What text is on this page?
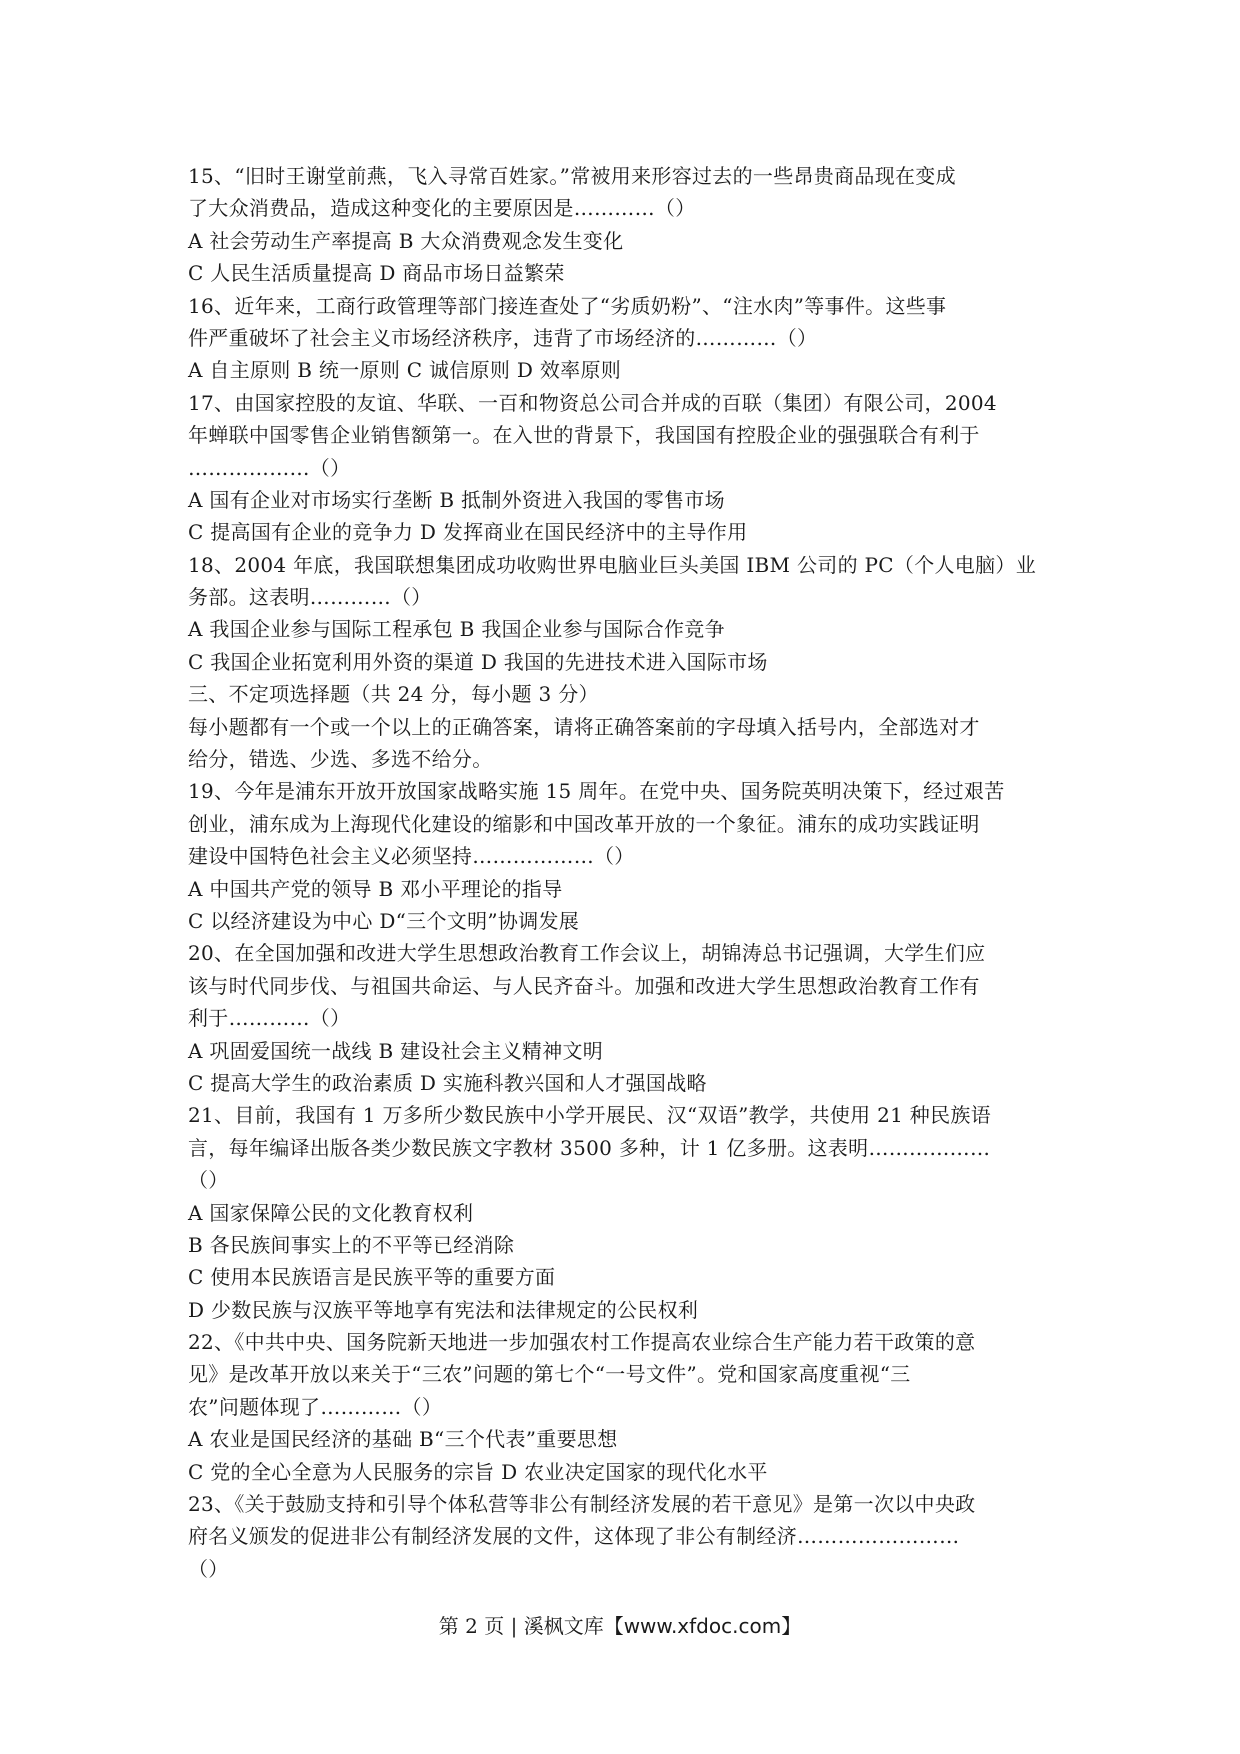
15、“旧时王谢堂前燕，飞入寻常百姓家。”常被用来形容过去的一些昂贵商品现在变成
了大众消费品，造成这种变化的主要原因是…………（）
A 社会劳动生产率提高 B 大众消费观念发生变化
C 人民生活质量提高 D 商品市场日益繁荣
16、近年来，工商行政管理等部门接连查处了“劣质奶粉”、“注水肉”等事件。这些事
件严重破坏了社会主义市场经济秩序，违背了市场经济的…………（）
A 自主原则 B 统一原则 C 诚信原则 D 效率原则
17、由国家控股的友谊、华联、一百和物资总公司合并成的百联（集团）有限公司，2004
年蝉联中国零售企业销售额第一。在入世的背景下，我国国有控股企业的强强联合有利于
………………（）
A 国有企业对市场实行垄断 B 抵制外资进入我国的零售市场
C 提高国有企业的竞争力 D 发挥商业在国民经济中的主导作用
18、2004 年底，我国联想集团成功收购世界电脑业巨头美国 IBM 公司的 PC（个人电脑）业
务部。这表明…………（）
A 我国企业参与国际工程承包 B 我国企业参与国际合作竞争
C 我国企业拓宽利用外资的渠道 D 我国的先进技术进入国际市场
三、不定项选择题（共 24 分，每小题 3 分）
每小题都有一个或一个以上的正确答案，请将正确答案前的字母填入括号内，全部选对才
给分，错选、少选、多选不给分。
19、今年是浦东开放开放国家战略实施 15 周年。在党中央、国务院英明决策下，经过艰苦
创业，浦东成为上海现代化建设的缩影和中国改革开放的一个象征。浦东的成功实践证明
建设中国特色社会主义必须坚持………………（）
A 中国共产党的领导 B 邓小平理论的指导
C 以经济建设为中心 D“三个文明”协调发展
20、在全国加强和改进大学生思想政治教育工作会议上，胡锦涛总书记强调，大学生们应
该与时代同步伐、与祖国共命运、与人民齐奋斗。加强和改进大学生思想政治教育工作有
利于…………（）
A 巩固爱国统一战线 B 建设社会主义精神文明
C 提高大学生的政治素质 D 实施科教兴国和人才强国战略
21、目前，我国有 1 万多所少数民族中小学开展民、汉“双语”教学，共使用 21 种民族语
言，每年编译出版各类少数民族文字教材 3500 多种，计 1 亿多册。这表明………………
（）
A 国家保障公民的文化教育权利
B 各民族间事实上的不平等已经消除
C 使用本民族语言是民族平等的重要方面
D 少数民族与汉族平等地享有宪法和法律规定的公民权利
22、《中共中央、国务院新天地进一步加强农村工作提高农业综合生产能力若干政策的意
见》是改革开放以来关于“三农”问题的第七个“一号文件”。党和国家高度重视“三
农”问题体现了…………（）
A 农业是国民经济的基础 B“三个代表”重要思想
C 党的全心全意为人民服务的宗旨 D 农业决定国家的现代化水平
23、《关于鼓励支持和引导个体私营等非公有制经济发展的若干意见》是第一次以中央政
府名义颁发的促进非公有制经济发展的文件，这体现了非公有制经济……………………
（）
第 2 页 | 溪枫文库【www.xfdoc.com】
